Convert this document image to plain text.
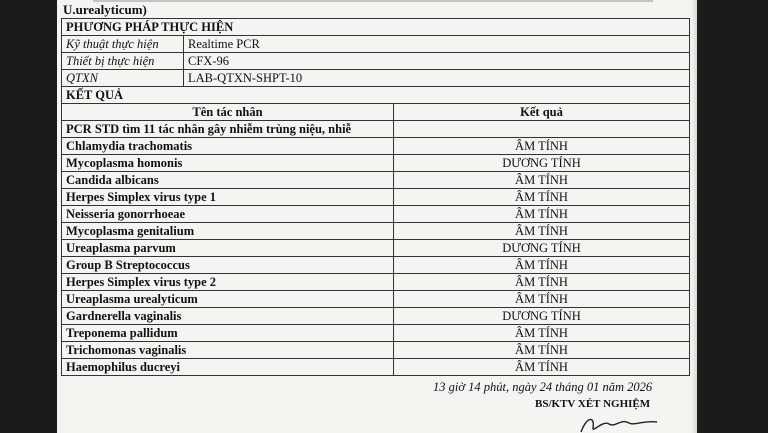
U.urealyticum)
PHƯƠNG PHÁP THỰC HIỆN		
Kỹ thuật thực hiện	Realtime PCR	
Thiết bị thực hiện	CFX-96	
QTXN	LAB-QTXN-SHPT-10	
KẾT QUẢ		
Tên tác nhân		Kết quả
PCR STD tìm 11 tác nhân gây nhiễm trùng niệu, nhiễ		
Chlamydia trachomatis		ÂM TÍNH
Mycoplasma homonis		DƯƠNG TÍNH
Candida albicans		ÂM TÍNH
Herpes Simplex virus type 1		ÂM TÍNH
Neisseria gonorrhoeae		ÂM TÍNH
Mycoplasma genitalium		ÂM TÍNH
Ureaplasma parvum		DƯƠNG TÍNH
Group B Streptococcus		ÂM TÍNH
Herpes Simplex virus type 2		ÂM TÍNH
Ureaplasma urealyticum		ÂM TÍNH
Gardnerella vaginalis		DƯƠNG TÍNH
Treponema pallidum		ÂM TÍNH
Trichomonas vaginalis		ÂM TÍNH
Haemophilus ducreyi		ÂM TÍNH
13 giờ 14 phút, ngày 24 tháng 01 năm 2026
BS/KTV XÉT NGHIỆM
